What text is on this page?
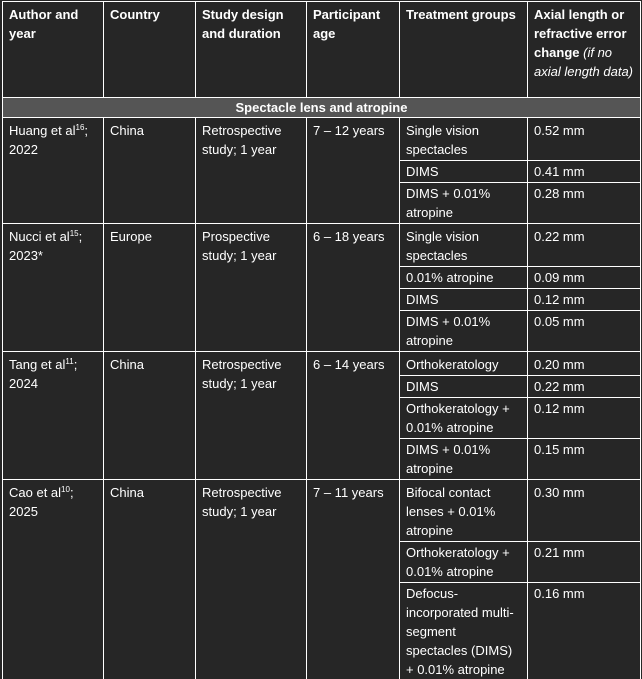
Author and year	Country	Study design and duration	Participant age	Treatment groups	Axial length or refractive error change (if no axial length data)
Spectacle lens and atropine					
Huang et $al^{16}$; 2022	China	Retrospective study; 1 year	7 – 12 years	Single vision spectacles	0.52 mm
				DIMS	0.41 mm
				DIMS + 0.01% atropine	0.28 mm
Nucci et $al^{15}$; 2023*	Europe	Prospective study; 1 year	6 – 18 years	Single vision spectacles	0.22 mm
				0.01% atropine	0.09 mm
				DIMS	0.12 mm
				DIMS + 0.01% atropine	0.05 mm
Tang et $al^{11}$; 2024	China	Retrospective study; 1 year	6 – 14 years	Orthokeratology	0.20 mm
				DIMS	0.22 mm
				Orthokeratology + 0.01% atropine	0.12 mm
				DIMS + 0.01% atropine	0.15 mm
Cao et $al^{10}$; 2025	China	Retrospective study; 1 year	7 – 11 years	Bifocal contact lenses + 0.01% atropine	0.30 mm
				Orthokeratology + 0.01% atropine	0.21 mm
				Defocus-incorporated multi-segment spectacles (DIMS) + 0.01% atropine	0.16 mm
